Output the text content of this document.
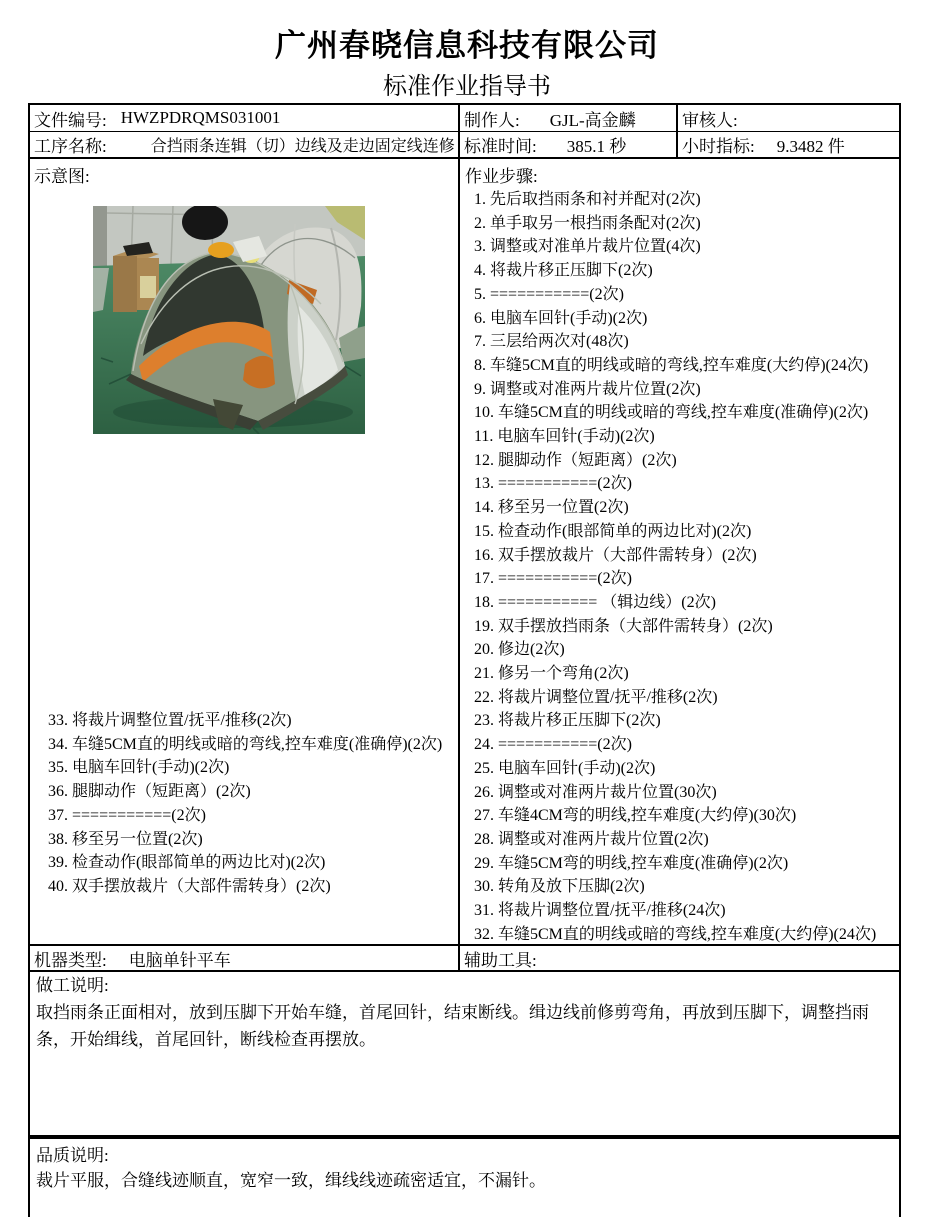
广州春晓信息科技有限公司
标准作业指导书
文件编号: HWZPDRQMS031001	制作人: GJL-高金麟	审核人:
工序名称:	合挡雨条连辑（切）边线及走边固定线连修 标准时间: 385.1 秒	小时指标: 9.3482 件
示意图:
33. 将裁片调整位置/抚平/推移(2次)
34. 车缝5CM直的明线或暗的弯线,控车难度(准确停)(2次)
35. 电脑车回针(手动)(2次)
36. 腿脚动作（短距离）(2次)
37. ===========(2次)
38. 移至另一位置(2次)
39. 检查动作(眼部简单的两边比对)(2次)
40. 双手摆放裁片（大部件需转身）(2次)
作业步骤:
1. 先后取挡雨条和衬并配对(2次)
2. 单手取另一根挡雨条配对(2次)
3. 调整或对准单片裁片位置(4次)
4. 将裁片移正压脚下(2次)
5. ===========(2次)
6. 电脑车回针(手动)(2次)
7. 三层给两次对(48次)
8. 车缝5CM直的明线或暗的弯线,控车难度(大约停)(24次)
9. 调整或对准两片裁片位置(2次)
10. 车缝5CM直的明线或暗的弯线,控车难度(准确停)(2次)
11. 电脑车回针(手动)(2次)
12. 腿脚动作（短距离）(2次)
13. ===========(2次)
14. 移至另一位置(2次)
15. 检查动作(眼部简单的两边比对)(2次)
16. 双手摆放裁片（大部件需转身）(2次)
17. ===========(2次)
18. =========== （辑边线）(2次)
19. 双手摆放挡雨条（大部件需转身）(2次)
20. 修边(2次)
21. 修另一个弯角(2次)
22. 将裁片调整位置/抚平/推移(2次)
23. 将裁片移正压脚下(2次)
24. ===========(2次)
25. 电脑车回针(手动)(2次)
26. 调整或对准两片裁片位置(30次)
27. 车缝4CM弯的明线,控车难度(大约停)(30次)
28. 调整或对准两片裁片位置(2次)
29. 车缝5CM弯的明线,控车难度(准确停)(2次)
30. 转角及放下压脚(2次)
31. 将裁片调整位置/抚平/推移(24次)
32. 车缝5CM直的明线或暗的弯线,控车难度(大约停)(24次)
机器类型: 电脑单针平车	辅助工具:
做工说明:
取挡雨条正面相对，放到压脚下开始车缝，首尾回针，结束断线。缉边线前修剪弯角，再放到压脚下，调整挡雨条，开始缉线，首尾回针，断线检查再摆放。
品质说明:
裁片平服，合缝线迹顺直，宽窄一致，缉线线迹疏密适宜，不漏针。
